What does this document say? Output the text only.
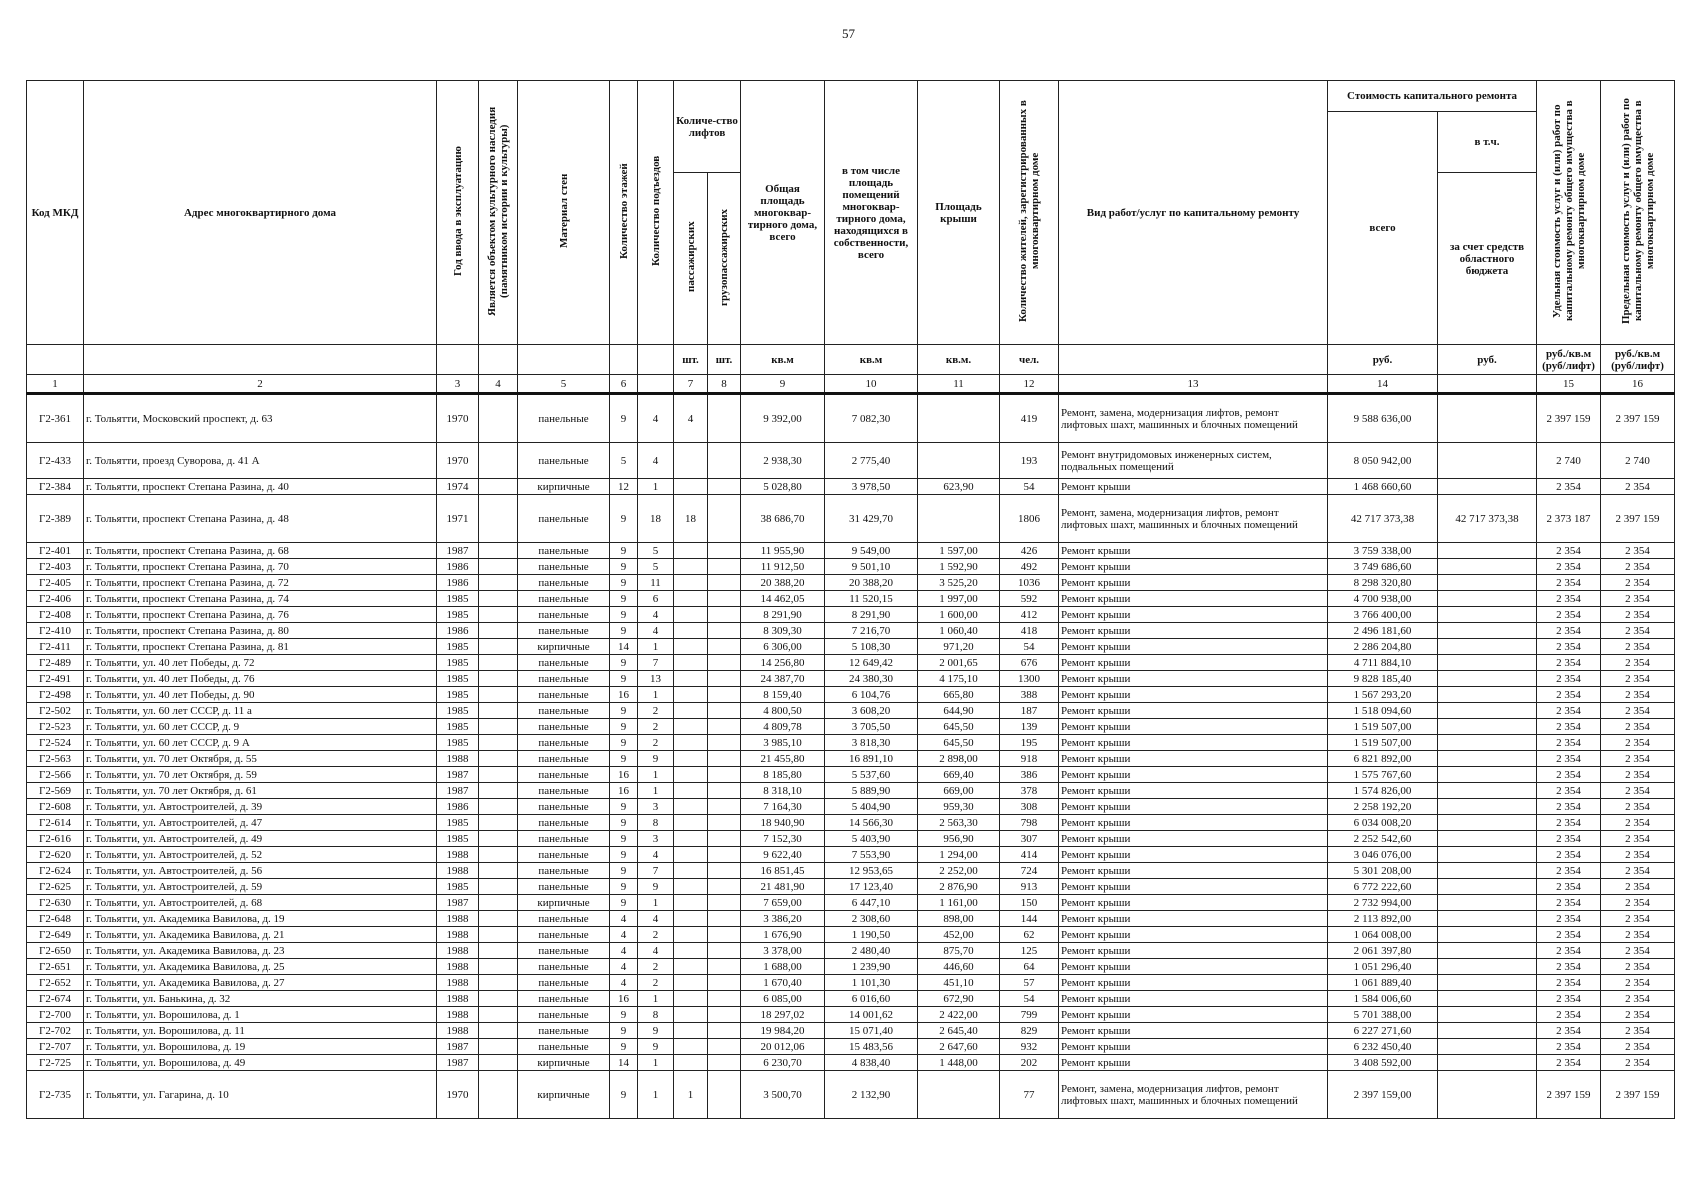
57
Код МКД	Адрес многоквартирного дома	Год ввода в эксплуатацию	Является объектом культурного наследия (памятником истории и культуры)	Материал стен	Количество этажей	Количество подъездов	Количе-ство лифтов		Общая площадь многоквар-тирного дома, всего	в том числе площадь помещений многоквар-тирного дома, находящихся в собственности, всего	Площадь крыши	Количество жителей, зарегистрированных в многоквартирном доме	Вид работ/услуг по капитальному ремонту	Стоимость капитального ремонта		Удельная стоимость услуг и (или) работ по капитальному ремонту общего имущества в многоквартирном доме	Предельная стоимость услуг и (или) работ по капитальному ремонту общего имущества в многоквартирном доме
														всего	в т.ч.		
							пассажирских	грузопассажирских							за счет средств областного бюджета		
							шт.	шт.	кв.м	кв.м	кв.м.	чел.		руб.	руб.	руб./кв.м (руб/лифт)	руб./кв.м (руб/лифт)
1	2	3	4	5	6		7	8	9	10	11	12	13	14		15	16
Г2-361	г. Тольятти, Московский проспект, д. 63	1970		панельные	9	4	4		9 392,00	7 082,30		419	Ремонт, замена, модернизация лифтов, ремонт лифтовых шахт, машинных и блочных помещений	9 588 636,00		2 397 159	2 397 159
Г2-433	г. Тольятти, проезд Суворова, д. 41 А	1970		панельные	5	4			2 938,30	2 775,40		193	Ремонт внутридомовых инженерных систем, подвальных помещений	8 050 942,00		2 740	2 740
Г2-384	г. Тольятти, проспект Степана Разина, д. 40	1974		кирпичные	12	1			5 028,80	3 978,50	623,90	54	Ремонт крыши	1 468 660,60		2 354	2 354
Г2-389	г. Тольятти, проспект Степана Разина, д. 48	1971		панельные	9	18	18		38 686,70	31 429,70		1806	Ремонт, замена, модернизация лифтов, ремонт лифтовых шахт, машинных и блочных помещений	42 717 373,38	42 717 373,38	2 373 187	2 397 159
Г2-401	г. Тольятти, проспект Степана Разина, д. 68	1987		панельные	9	5			11 955,90	9 549,00	1 597,00	426	Ремонт крыши	3 759 338,00		2 354	2 354
Г2-403	г. Тольятти, проспект Степана Разина, д. 70	1986		панельные	9	5			11 912,50	9 501,10	1 592,90	492	Ремонт крыши	3 749 686,60		2 354	2 354
Г2-405	г. Тольятти, проспект Степана Разина, д. 72	1986		панельные	9	11			20 388,20	20 388,20	3 525,20	1036	Ремонт крыши	8 298 320,80		2 354	2 354
Г2-406	г. Тольятти, проспект Степана Разина, д. 74	1985		панельные	9	6			14 462,05	11 520,15	1 997,00	592	Ремонт крыши	4 700 938,00		2 354	2 354
Г2-408	г. Тольятти, проспект Степана Разина, д. 76	1985		панельные	9	4			8 291,90	8 291,90	1 600,00	412	Ремонт крыши	3 766 400,00		2 354	2 354
Г2-410	г. Тольятти, проспект Степана Разина, д. 80	1986		панельные	9	4			8 309,30	7 216,70	1 060,40	418	Ремонт крыши	2 496 181,60		2 354	2 354
Г2-411	г. Тольятти, проспект Степана Разина, д. 81	1985		кирпичные	14	1			6 306,00	5 108,30	971,20	54	Ремонт крыши	2 286 204,80		2 354	2 354
Г2-489	г. Тольятти, ул. 40 лет Победы, д. 72	1985		панельные	9	7			14 256,80	12 649,42	2 001,65	676	Ремонт крыши	4 711 884,10		2 354	2 354
Г2-491	г. Тольятти, ул. 40 лет Победы, д. 76	1985		панельные	9	13			24 387,70	24 380,30	4 175,10	1300	Ремонт крыши	9 828 185,40		2 354	2 354
Г2-498	г. Тольятти, ул. 40 лет Победы, д. 90	1985		панельные	16	1			8 159,40	6 104,76	665,80	388	Ремонт крыши	1 567 293,20		2 354	2 354
Г2-502	г. Тольятти, ул. 60 лет СССР, д. 11 а	1985		панельные	9	2			4 800,50	3 608,20	644,90	187	Ремонт крыши	1 518 094,60		2 354	2 354
Г2-523	г. Тольятти, ул. 60 лет СССР, д. 9	1985		панельные	9	2			4 809,78	3 705,50	645,50	139	Ремонт крыши	1 519 507,00		2 354	2 354
Г2-524	г. Тольятти, ул. 60 лет СССР, д. 9 А	1985		панельные	9	2			3 985,10	3 818,30	645,50	195	Ремонт крыши	1 519 507,00		2 354	2 354
Г2-563	г. Тольятти, ул. 70 лет Октября, д. 55	1988		панельные	9	9			21 455,80	16 891,10	2 898,00	918	Ремонт крыши	6 821 892,00		2 354	2 354
Г2-566	г. Тольятти, ул. 70 лет Октября, д. 59	1987		панельные	16	1			8 185,80	5 537,60	669,40	386	Ремонт крыши	1 575 767,60		2 354	2 354
Г2-569	г. Тольятти, ул. 70 лет Октября, д. 61	1987		панельные	16	1			8 318,10	5 889,90	669,00	378	Ремонт крыши	1 574 826,00		2 354	2 354
Г2-608	г. Тольятти, ул. Автостроителей, д. 39	1986		панельные	9	3			7 164,30	5 404,90	959,30	308	Ремонт крыши	2 258 192,20		2 354	2 354
Г2-614	г. Тольятти, ул. Автостроителей, д. 47	1985		панельные	9	8			18 940,90	14 566,30	2 563,30	798	Ремонт крыши	6 034 008,20		2 354	2 354
Г2-616	г. Тольятти, ул. Автостроителей, д. 49	1985		панельные	9	3			7 152,30	5 403,90	956,90	307	Ремонт крыши	2 252 542,60		2 354	2 354
Г2-620	г. Тольятти, ул. Автостроителей, д. 52	1988		панельные	9	4			9 622,40	7 553,90	1 294,00	414	Ремонт крыши	3 046 076,00		2 354	2 354
Г2-624	г. Тольятти, ул. Автостроителей, д. 56	1988		панельные	9	7			16 851,45	12 953,65	2 252,00	724	Ремонт крыши	5 301 208,00		2 354	2 354
Г2-625	г. Тольятти, ул. Автостроителей, д. 59	1985		панельные	9	9			21 481,90	17 123,40	2 876,90	913	Ремонт крыши	6 772 222,60		2 354	2 354
Г2-630	г. Тольятти, ул. Автостроителей, д. 68	1987		кирпичные	9	1			7 659,00	6 447,10	1 161,00	150	Ремонт крыши	2 732 994,00		2 354	2 354
Г2-648	г. Тольятти, ул. Академика Вавилова, д. 19	1988		панельные	4	4			3 386,20	2 308,60	898,00	144	Ремонт крыши	2 113 892,00		2 354	2 354
Г2-649	г. Тольятти, ул. Академика Вавилова, д. 21	1988		панельные	4	2			1 676,90	1 190,50	452,00	62	Ремонт крыши	1 064 008,00		2 354	2 354
Г2-650	г. Тольятти, ул. Академика Вавилова, д. 23	1988		панельные	4	4			3 378,00	2 480,40	875,70	125	Ремонт крыши	2 061 397,80		2 354	2 354
Г2-651	г. Тольятти, ул. Академика Вавилова, д. 25	1988		панельные	4	2			1 688,00	1 239,90	446,60	64	Ремонт крыши	1 051 296,40		2 354	2 354
Г2-652	г. Тольятти, ул. Академика Вавилова, д. 27	1988		панельные	4	2			1 670,40	1 101,30	451,10	57	Ремонт крыши	1 061 889,40		2 354	2 354
Г2-674	г. Тольятти, ул. Банькина, д. 32	1988		панельные	16	1			6 085,00	6 016,60	672,90	54	Ремонт крыши	1 584 006,60		2 354	2 354
Г2-700	г. Тольятти, ул. Ворошилова, д. 1	1988		панельные	9	8			18 297,02	14 001,62	2 422,00	799	Ремонт крыши	5 701 388,00		2 354	2 354
Г2-702	г. Тольятти, ул. Ворошилова, д. 11	1988		панельные	9	9			19 984,20	15 071,40	2 645,40	829	Ремонт крыши	6 227 271,60		2 354	2 354
Г2-707	г. Тольятти, ул. Ворошилова, д. 19	1987		панельные	9	9			20 012,06	15 483,56	2 647,60	932	Ремонт крыши	6 232 450,40		2 354	2 354
Г2-725	г. Тольятти, ул. Ворошилова, д. 49	1987		кирпичные	14	1			6 230,70	4 838,40	1 448,00	202	Ремонт крыши	3 408 592,00		2 354	2 354
Г2-735	г. Тольятти, ул. Гагарина, д. 10	1970		кирпичные	9	1	1		3 500,70	2 132,90		77	Ремонт, замена, модернизация лифтов, ремонт лифтовых шахт, машинных и блочных помещений	2 397 159,00		2 397 159	2 397 159
